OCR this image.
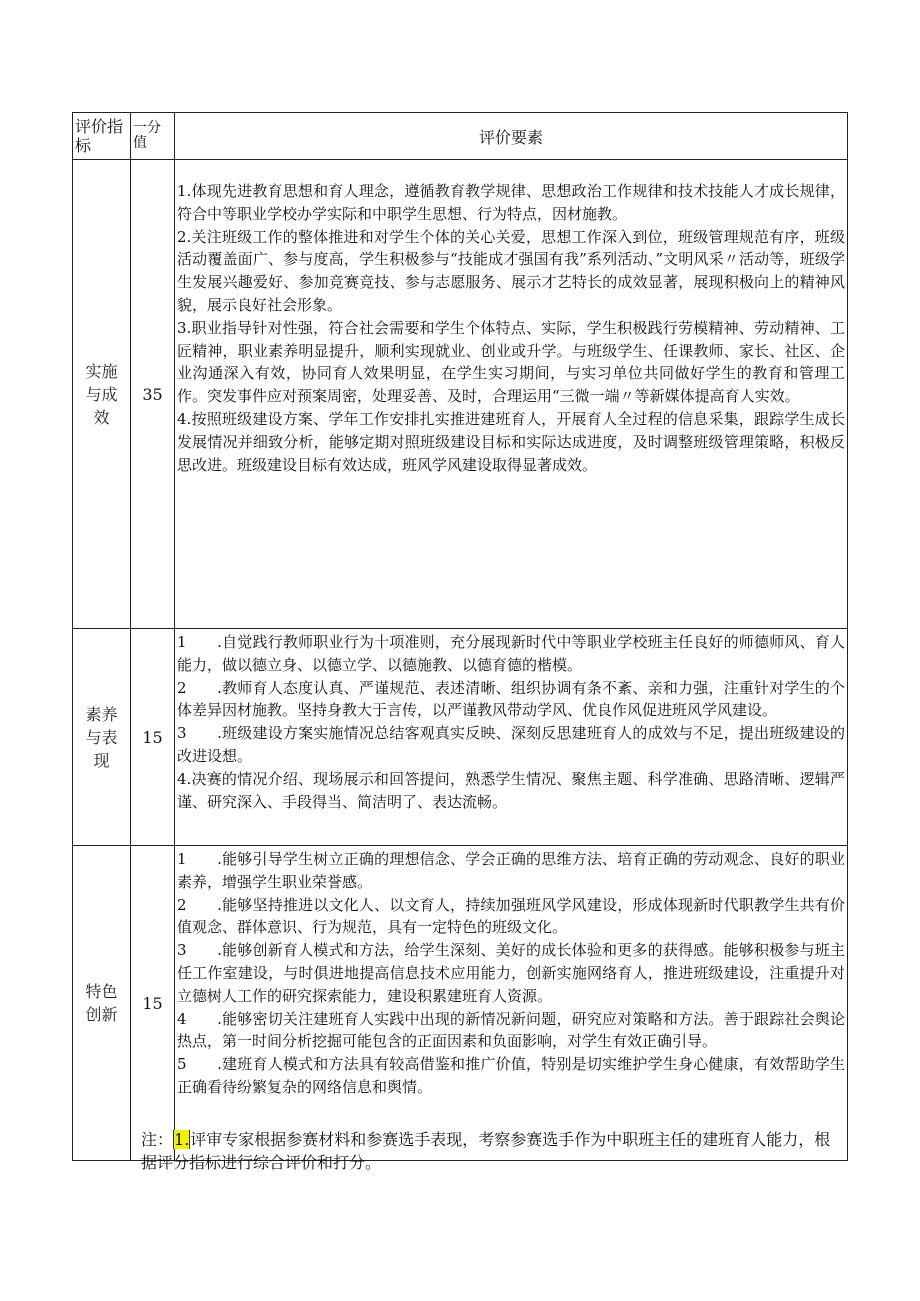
评价指标	一分值	评价要素
实施与成效	35	1.体现先进教育思想和育人理念，遵循教育教学规律、思想政治工作规律和技术技能人才成长规律，符合中等职业学校办学实际和中职学生思想、行为特点，因材施教。

2.关注班级工作的整体推进和对学生个体的关心关爱，思想工作深入到位，班级管理规范有序，班级活动覆盖面广、参与度高，学生积极参与“技能成才强国有我”系列活动、”文明风采〃活动等，班级学生发展兴趣爱好、参加竞赛竞技、参与志愿服务、展示才艺特长的成效显著，展现积极向上的精神风貌，展示良好社会形象。

3.职业指导针对性强，符合社会需要和学生个体特点、实际，学生积极践行劳模精神、劳动精神、工匠精神，职业素养明显提升，顺利实现就业、创业或升学。与班级学生、任课教师、家长、社区、企业沟通深入有效，协同育人效果明显，在学生实习期间，与实习单位共同做好学生的教育和管理工作。突发事件应对预案周密，处理妥善、及时，合理运用“三微一端〃等新媒体提高育人实效。

4.按照班级建设方案、学年工作安排扎实推进建班育人，开展育人全过程的信息采集，跟踪学生成长发展情况并细致分析，能够定期对照班级建设目标和实际达成进度，及时调整班级管理策略，积极反思改进。班级建设目标有效达成，班风学风建设取得显著成效。

素养与表现	15	1　　.自觉践行教师职业行为十项准则，充分展现新时代中等职业学校班主任良好的师德师风、育人能力，做以德立身、以德立学、以德施教、以德育德的楷模。

2　　.教师育人态度认真、严谨规范、表述清晰、组织协调有条不紊、亲和力强，注重针对学生的个体差异因材施教。坚持身教大于言传，以严谨教风带动学风、优良作风促进班风学风建设。

3　　.班级建设方案实施情况总结客观真实反映、深刻反思建班育人的成效与不足，提出班级建设的改进设想。

4.决赛的情况介绍、现场展示和回答提问，熟悉学生情况、聚焦主题、科学准确、思路清晰、逻辑严谨、研究深入、手段得当、简洁明了、表达流畅。

特色创新	15	1　　.能够引导学生树立正确的理想信念、学会正确的思维方法、培育正确的劳动观念、良好的职业素养，增强学生职业荣誉感。

2　　.能够坚持推进以文化人、以文育人，持续加强班风学风建设，形成体现新时代职教学生共有价值观念、群体意识、行为规范，具有一定特色的班级文化。

3　　.能够创新育人模式和方法，给学生深刻、美好的成长体验和更多的获得感。能够积极参与班主任工作室建设，与时俱进地提高信息技术应用能力，创新实施网络育人，推进班级建设，注重提升对立德树人工作的研究探索能力，建设积累建班育人资源。

4　　.能够密切关注建班育人实践中出现的新情况新问题，研究应对策略和方法。善于跟踪社会舆论热点，第一时间分析挖掘可能包含的正面因素和负面影响，对学生有效正确引导。

5　　.建班育人模式和方法具有较高借鉴和推广价值，特别是切实维护学生身心健康，有效帮助学生正确看待纷繁复杂的网络信息和舆情。

注：1.评审专家根据参赛材料和参赛选手表现，考察参赛选手作为中职班主任的建班育人能力，根据评分指标进行综合评价和打分。
